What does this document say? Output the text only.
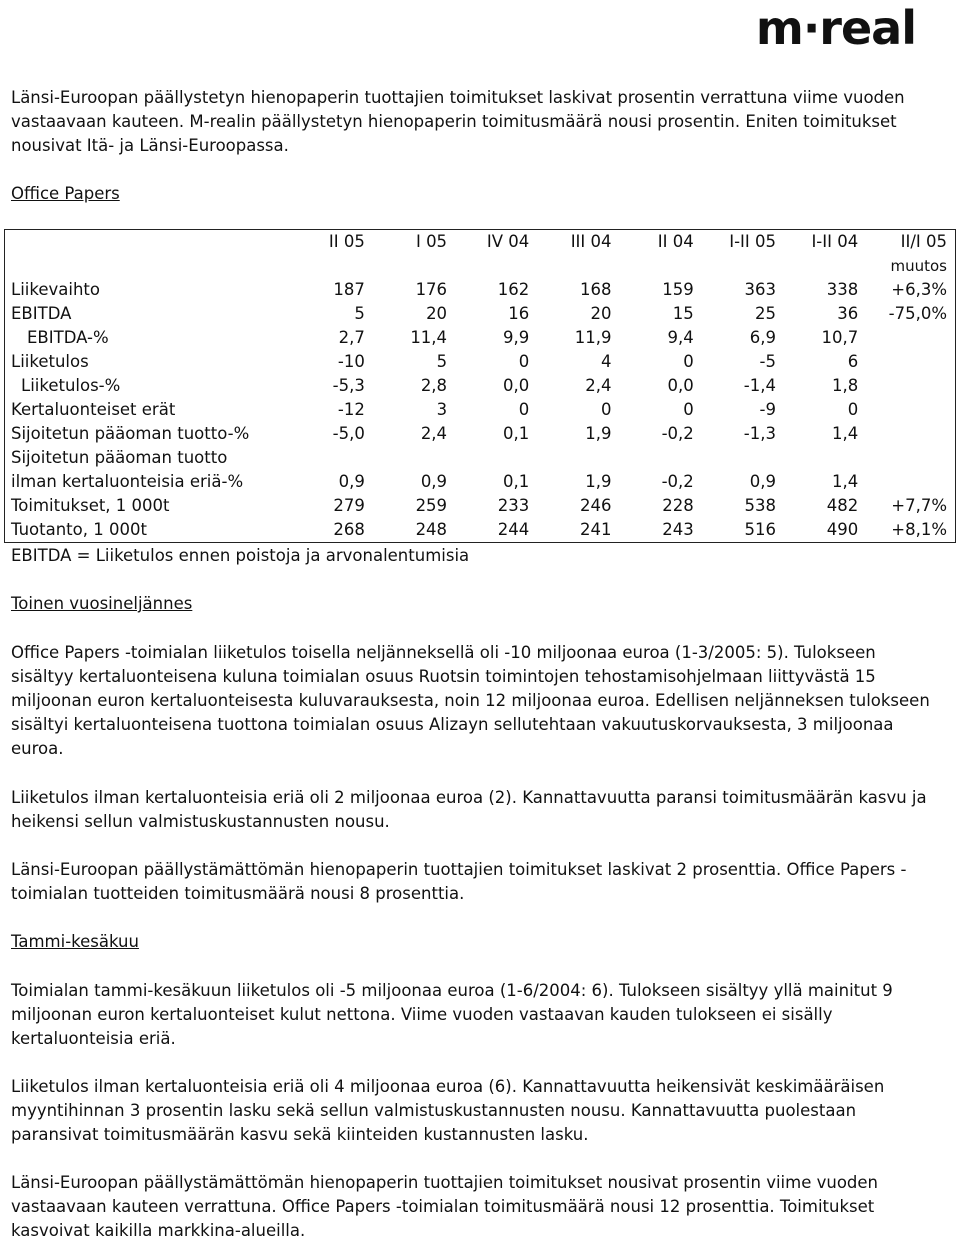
m·real

Länsi-Euroopan päällystetyn hienopaperin tuottajien toimitukset laskivat prosentin verrattuna viime vuoden vastaavaan kauteen. M-realin päällystetyn hienopaperin toimitusmäärä nousi prosentin. Eniten toimitukset nousivat Itä- ja Länsi-Euroopassa.

Office Papers

	II 05	I 05	IV 04	III 04	II 04	I-II 05	I-II 04	II/I 05
								muutos
Liikevaihto	187	176	162	168	159	363	338	+6,3%
EBITDA	5	20	16	20	15	25	36	-75,0%
EBITDA-%	2,7	11,4	9,9	11,9	9,4	6,9	10,7	
Liiketulos	-10	5	0	4	0	-5	6	
Liiketulos-%	-5,3	2,8	0,0	2,4	0,0	-1,4	1,8	
Kertaluonteiset erät	-12	3	0	0	0	-9	0	
Sijoitetun pääoman tuotto-%	-5,0	2,4	0,1	1,9	-0,2	-1,3	1,4	
Sijoitetun pääoman tuotto								
ilman kertaluonteisia eriä-%	0,9	0,9	0,1	1,9	-0,2	0,9	1,4	
Toimitukset, 1 000t	279	259	233	246	228	538	482	+7,7%
Tuotanto, 1 000t	268	248	244	241	243	516	490	+8,1%

EBITDA = Liiketulos ennen poistoja ja arvonalentumisia

Toinen vuosineljännes

Office Papers -toimialan liiketulos toisella neljänneksellä oli -10 miljoonaa euroa (1-3/2005: 5). Tulokseen sisältyy kertaluonteisena kuluna toimialan osuus Ruotsin toimintojen tehostamisohjelmaan liittyvästä 15 miljoonan euron kertaluonteisesta kuluvarauksesta, noin 12 miljoonaa euroa. Edellisen neljänneksen tulokseen sisältyi kertaluonteisena tuottona toimialan osuus Alizayn sellutehtaan vakuutuskorvauksesta, 3 miljoonaa euroa.

Liiketulos ilman kertaluonteisia eriä oli 2 miljoonaa euroa (2). Kannattavuutta paransi toimitusmäärän kasvu ja heikensi sellun valmistuskustannusten nousu.

Länsi-Euroopan päällystämättömän hienopaperin tuottajien toimitukset laskivat 2 prosenttia. Office Papers -toimialan tuotteiden toimitusmäärä nousi 8 prosenttia.

Tammi-kesäkuu

Toimialan tammi-kesäkuun liiketulos oli -5 miljoonaa euroa (1-6/2004: 6). Tulokseen sisältyy yllä mainitut 9 miljoonan euron kertaluonteiset kulut nettona. Viime vuoden vastaavan kauden tulokseen ei sisälly kertaluonteisia eriä.

Liiketulos ilman kertaluonteisia eriä oli 4 miljoonaa euroa (6). Kannattavuutta heikensivät keskimääräisen myyntihinnan 3 prosentin lasku sekä sellun valmistuskustannusten nousu. Kannattavuutta puolestaan paransivat toimitusmäärän kasvu sekä kiinteiden kustannusten lasku.

Länsi-Euroopan päällystämättömän hienopaperin tuottajien toimitukset nousivat prosentin viime vuoden vastaavaan kauteen verrattuna. Office Papers -toimialan toimitusmäärä nousi 12 prosenttia. Toimitukset kasvoivat kaikilla markkina-alueilla.
